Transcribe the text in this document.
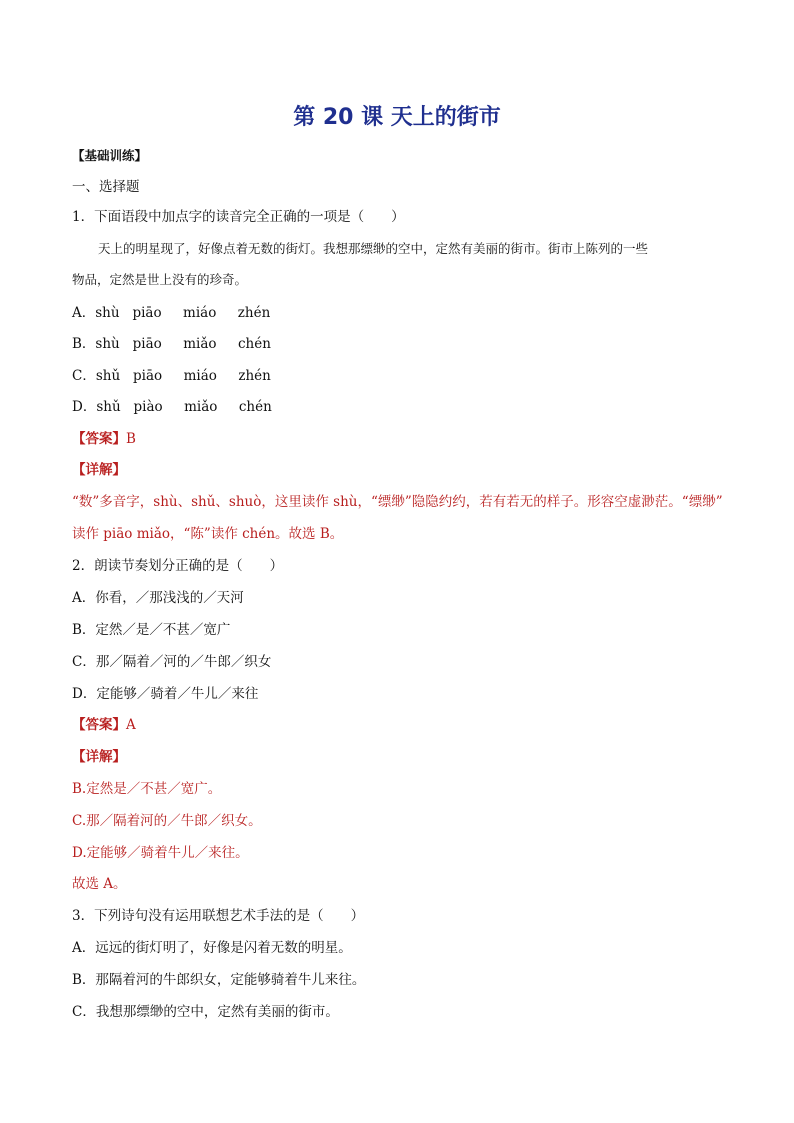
第 20 课 天上的街市
【基础训练】
一、选择题
1．下面语段中加点字的读音完全正确的一项是（　　）
天上的明星现了，好像点着无数的街灯。我想那缥缈的空中，定然有美丽的街市。街市上陈列的一些
物品，定然是世上没有的珍奇。
A．shù   piāo     miáo     zhén
B．shù   piāo     miǎo     chén
C．shǔ   piāo     miáo     zhén
D．shǔ   piào     miǎo     chén
【答案】B
【详解】
“数”多音字，shù、shǔ、shuò，这里读作 shù，“缥缈”隐隐约约，若有若无的样子。形容空虚渺茫。“缥缈”
读作 piāo miǎo，“陈”读作 chén。故选 B。
2．朗读节奏划分正确的是（　　）
A．你看，／那浅浅的／天河
B．定然／是／不甚／宽广
C．那／隔着／河的／牛郎／织女
D．定能够／骑着／牛儿／来往
【答案】A
【详解】
B.定然是／不甚／宽广。
C.那／隔着河的／牛郎／织女。
D.定能够／骑着牛儿／来往。
故选 A。
3．下列诗句没有运用联想艺术手法的是（　　）
A．远远的街灯明了，好像是闪着无数的明星。
B．那隔着河的牛郎织女，定能够骑着牛儿来往。
C．我想那缥缈的空中，定然有美丽的街市。
